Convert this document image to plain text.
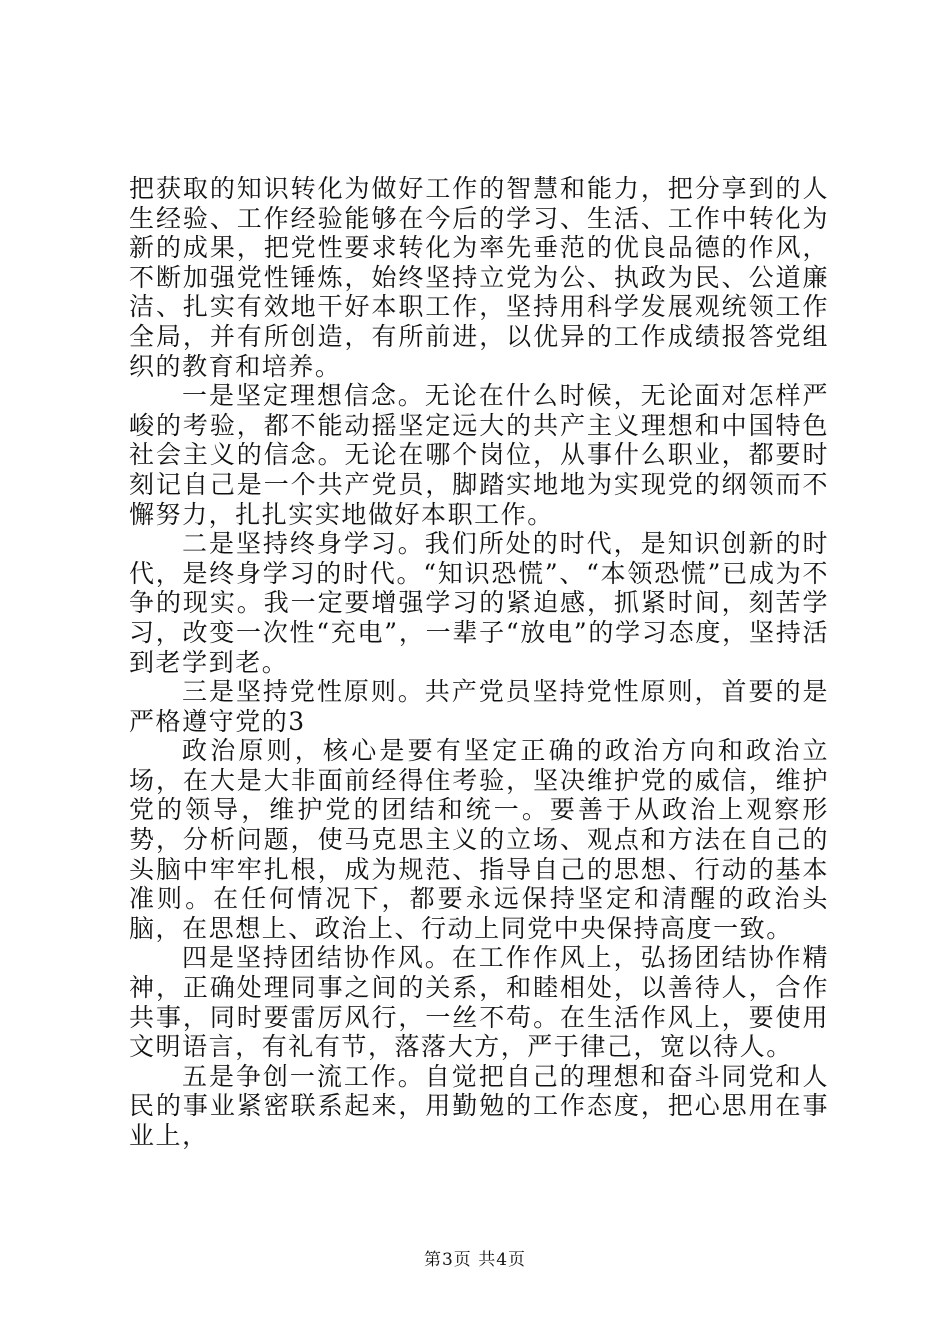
把获取的知识转化为做好工作的智慧和能力，把分享到的人生经验、工作经验能够在今后的学习、生活、工作中转化为新的成果，把党性要求转化为率先垂范的优良品德的作风，不断加强党性锤炼，始终坚持立党为公、执政为民、公道廉洁、扎实有效地干好本职工作，坚持用科学发展观统领工作全局，并有所创造，有所前进，以优异的工作成绩报答党组织的教育和培养。

一是坚定理想信念。无论在什么时候，无论面对怎样严峻的考验，都不能动摇坚定远大的共产主义理想和中国特色社会主义的信念。无论在哪个岗位，从事什么职业，都要时刻记自己是一个共产党员，脚踏实地地为实现党的纲领而不懈努力，扎扎实实地做好本职工作。

二是坚持终身学习。我们所处的时代，是知识创新的时代，是终身学习的时代。“知识恐慌”、“本领恐慌”已成为不争的现实。我一定要增强学习的紧迫感，抓紧时间，刻苦学习，改变一次性“充电”，一辈子“放电”的学习态度，坚持活到老学到老。

三是坚持党性原则。共产党员坚持党性原则，首要的是严格遵守党的3

政治原则，核心是要有坚定正确的政治方向和政治立场，在大是大非面前经得住考验，坚决维护党的威信，维护党的领导，维护党的团结和统一。要善于从政治上观察形势，分析问题，使马克思主义的立场、观点和方法在自己的头脑中牢牢扎根，成为规范、指导自己的思想、行动的基本准则。在任何情况下，都要永远保持坚定和清醒的政治头脑，在思想上、政治上、行动上同党中央保持高度一致。

四是坚持团结协作风。在工作作风上，弘扬团结协作精神，正确处理同事之间的关系，和睦相处，以善待人，合作共事，同时要雷厉风行，一丝不苟。在生活作风上，要使用文明语言，有礼有节，落落大方，严于律己，宽以待人。

五是争创一流工作。自觉把自己的理想和奋斗同党和人民的事业紧密联系起来，用勤勉的工作态度，把心思用在事业上，

第3页 共4页
